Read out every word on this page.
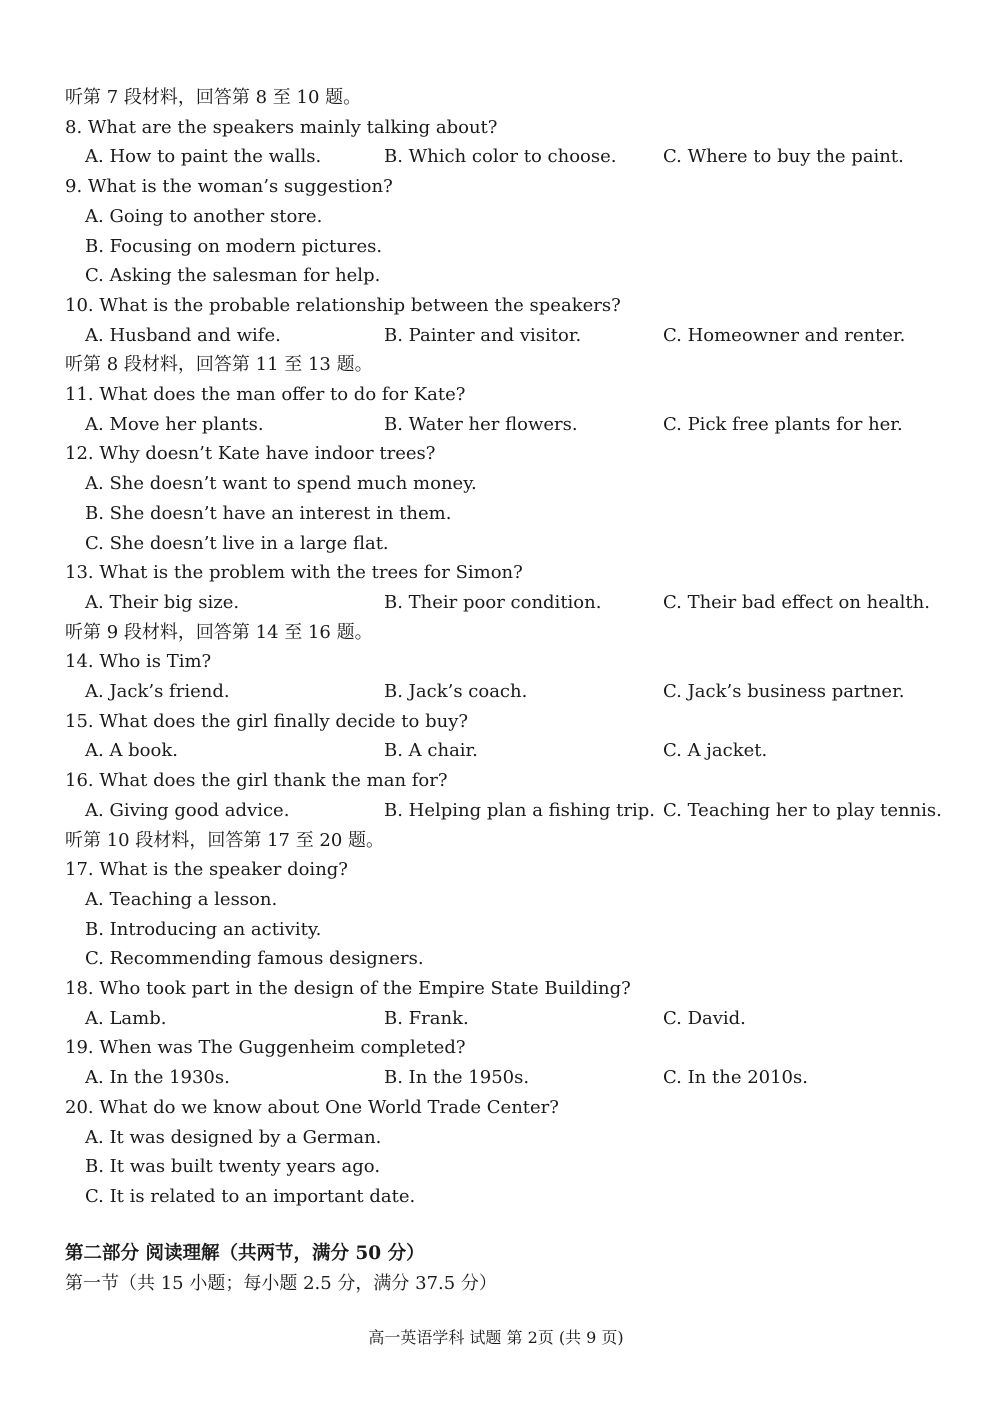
听第 7 段材料，回答第 8 至 10 题。
8. What are the speakers mainly talking about?
A. How to paint the walls.	B. Which color to choose.	C. Where to buy the paint.
9. What is the woman’s suggestion?
A. Going to another store.
B. Focusing on modern pictures.
C. Asking the salesman for help.
10. What is the probable relationship between the speakers?
A. Husband and wife.	B. Painter and visitor.	C. Homeowner and renter.
听第 8 段材料，回答第 11 至 13 题。
11. What does the man offer to do for Kate?
A. Move her plants.	B. Water her flowers.	C. Pick free plants for her.
12. Why doesn’t Kate have indoor trees?
A. She doesn’t want to spend much money.
B. She doesn’t have an interest in them.
C. She doesn’t live in a large flat.
13. What is the problem with the trees for Simon?
A. Their big size.	B. Their poor condition.	C. Their bad effect on health.
听第 9 段材料，回答第 14 至 16 题。
14. Who is Tim?
A. Jack’s friend.	B. Jack’s coach.	C. Jack’s business partner.
15. What does the girl finally decide to buy?
A. A book.	B. A chair.	C. A jacket.
16. What does the girl thank the man for?
A. Giving good advice.	B. Helping plan a fishing trip. C. Teaching her to play tennis.
听第 10 段材料，回答第 17 至 20 题。
17. What is the speaker doing?
A. Teaching a lesson.
B. Introducing an activity.
C. Recommending famous designers.
18. Who took part in the design of the Empire State Building?
A. Lamb.	B. Frank.	C. David.
19. When was The Guggenheim completed?
A. In the 1930s.	B. In the 1950s.	C. In the 2010s.
20. What do we know about One World Trade Center?
A. It was designed by a German.
B. It was built twenty years ago.
C. It is related to an important date.
第二部分 阅读理解（共两节，满分 50 分）
第一节（共 15 小题；每小题 2.5 分，满分 37.5 分）
高一英语学科 试题 第 2页 (共 9 页)
